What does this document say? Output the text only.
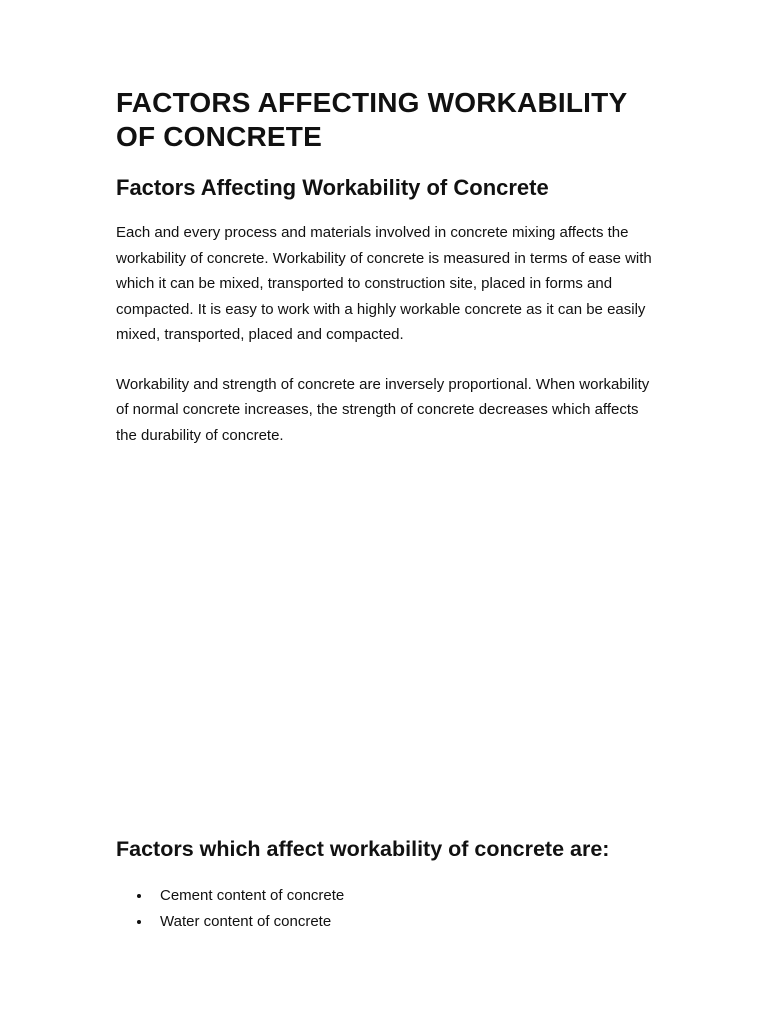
FACTORS AFFECTING WORKABILITY OF CONCRETE
Factors Affecting Workability of Concrete

Each and every process and materials involved in concrete mixing affects the workability of concrete. Workability of concrete is measured in terms of ease with which it can be mixed, transported to construction site, placed in forms and compacted. It is easy to work with a highly workable concrete as it can be easily mixed, transported, placed and compacted.

Workability and strength of concrete are inversely proportional. When workability of normal concrete increases, the strength of concrete decreases which affects the durability of concrete.

Factors which affect workability of concrete are:
Cement content of concrete
Water content of concrete
